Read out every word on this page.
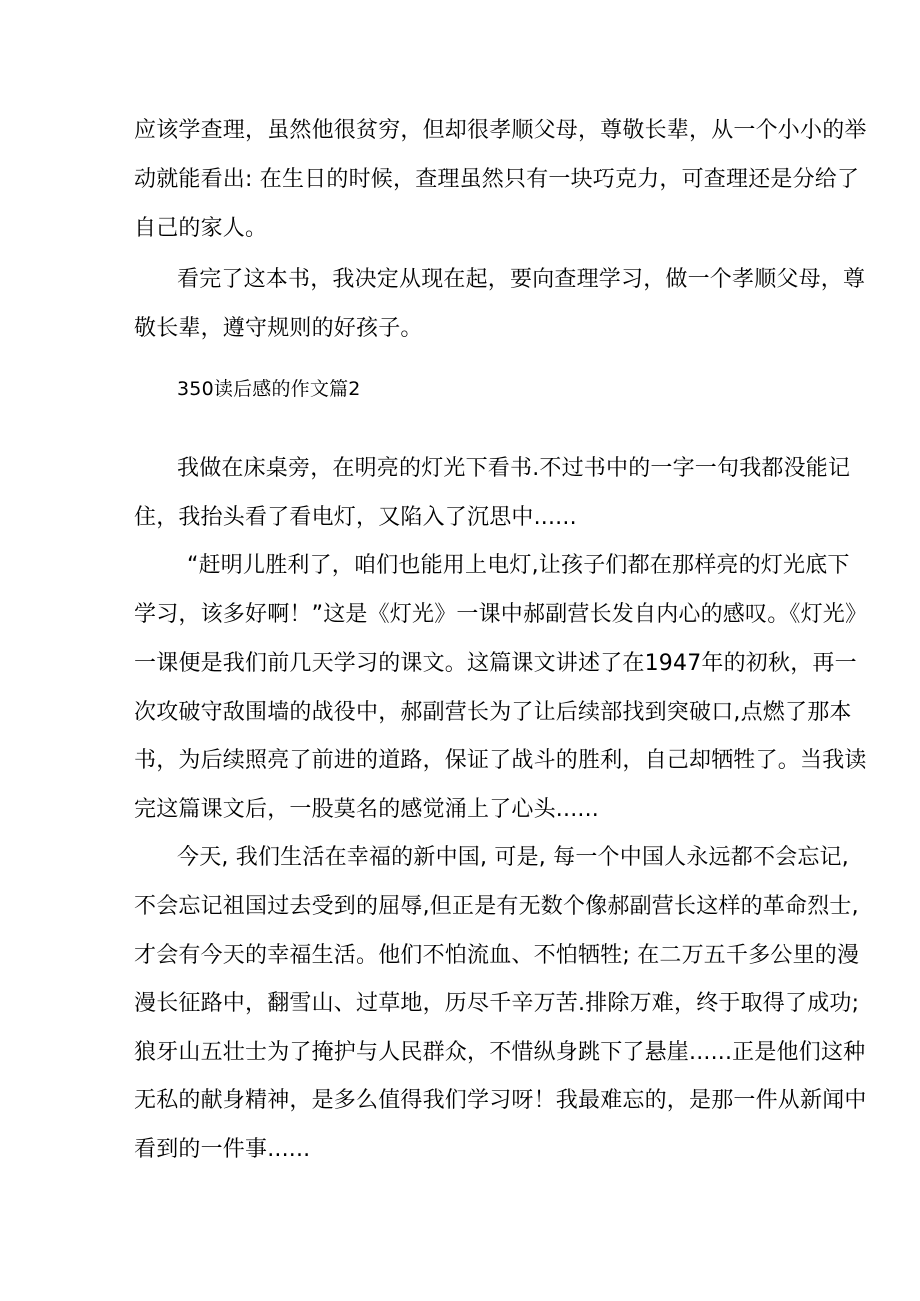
应该学查理，虽然他很贫穷，但却很孝顺父母，尊敬长辈，从一个小小的举

动就能看出: 在生日的时候，查理虽然只有一块巧克力，可查理还是分给了

自己的家人。

看完了这本书，我决定从现在起，要向查理学习，做一个孝顺父母，尊

敬长辈，遵守规则的好孩子。

350读后感的作文篇2

我做在床桌旁，在明亮的灯光下看书.不过书中的一字一句我都没能记

住，我抬头看了看电灯，又陷入了沉思中......

“赶明儿胜利了，咱们也能用上电灯,让孩子们都在那样亮的灯光底下

学习，该多好啊！”这是《灯光》一课中郝副营长发自内心的感叹。《灯光》

一课便是我们前几天学习的课文。这篇课文讲述了在1947年的初秋，再一

次攻破守敌围墙的战役中，郝副营长为了让后续部找到突破口,点燃了那本

书，为后续照亮了前进的道路，保证了战斗的胜利，自己却牺牲了。当我读

完这篇课文后，一股莫名的感觉涌上了心头......

今天, 我们生活在幸福的新中国, 可是, 每一个中国人永远都不会忘记,

不会忘记祖国过去受到的屈辱,但正是有无数个像郝副营长这样的革命烈士,

才会有今天的幸福生活。他们不怕流血、不怕牺牲; 在二万五千多公里的漫

漫长征路中，翻雪山、过草地，历尽千辛万苦.排除万难，终于取得了成功;

狼牙山五壮士为了掩护与人民群众，不惜纵身跳下了悬崖......正是他们这种

无私的献身精神，是多么值得我们学习呀！我最难忘的，是那一件从新闻中

看到的一件事......
